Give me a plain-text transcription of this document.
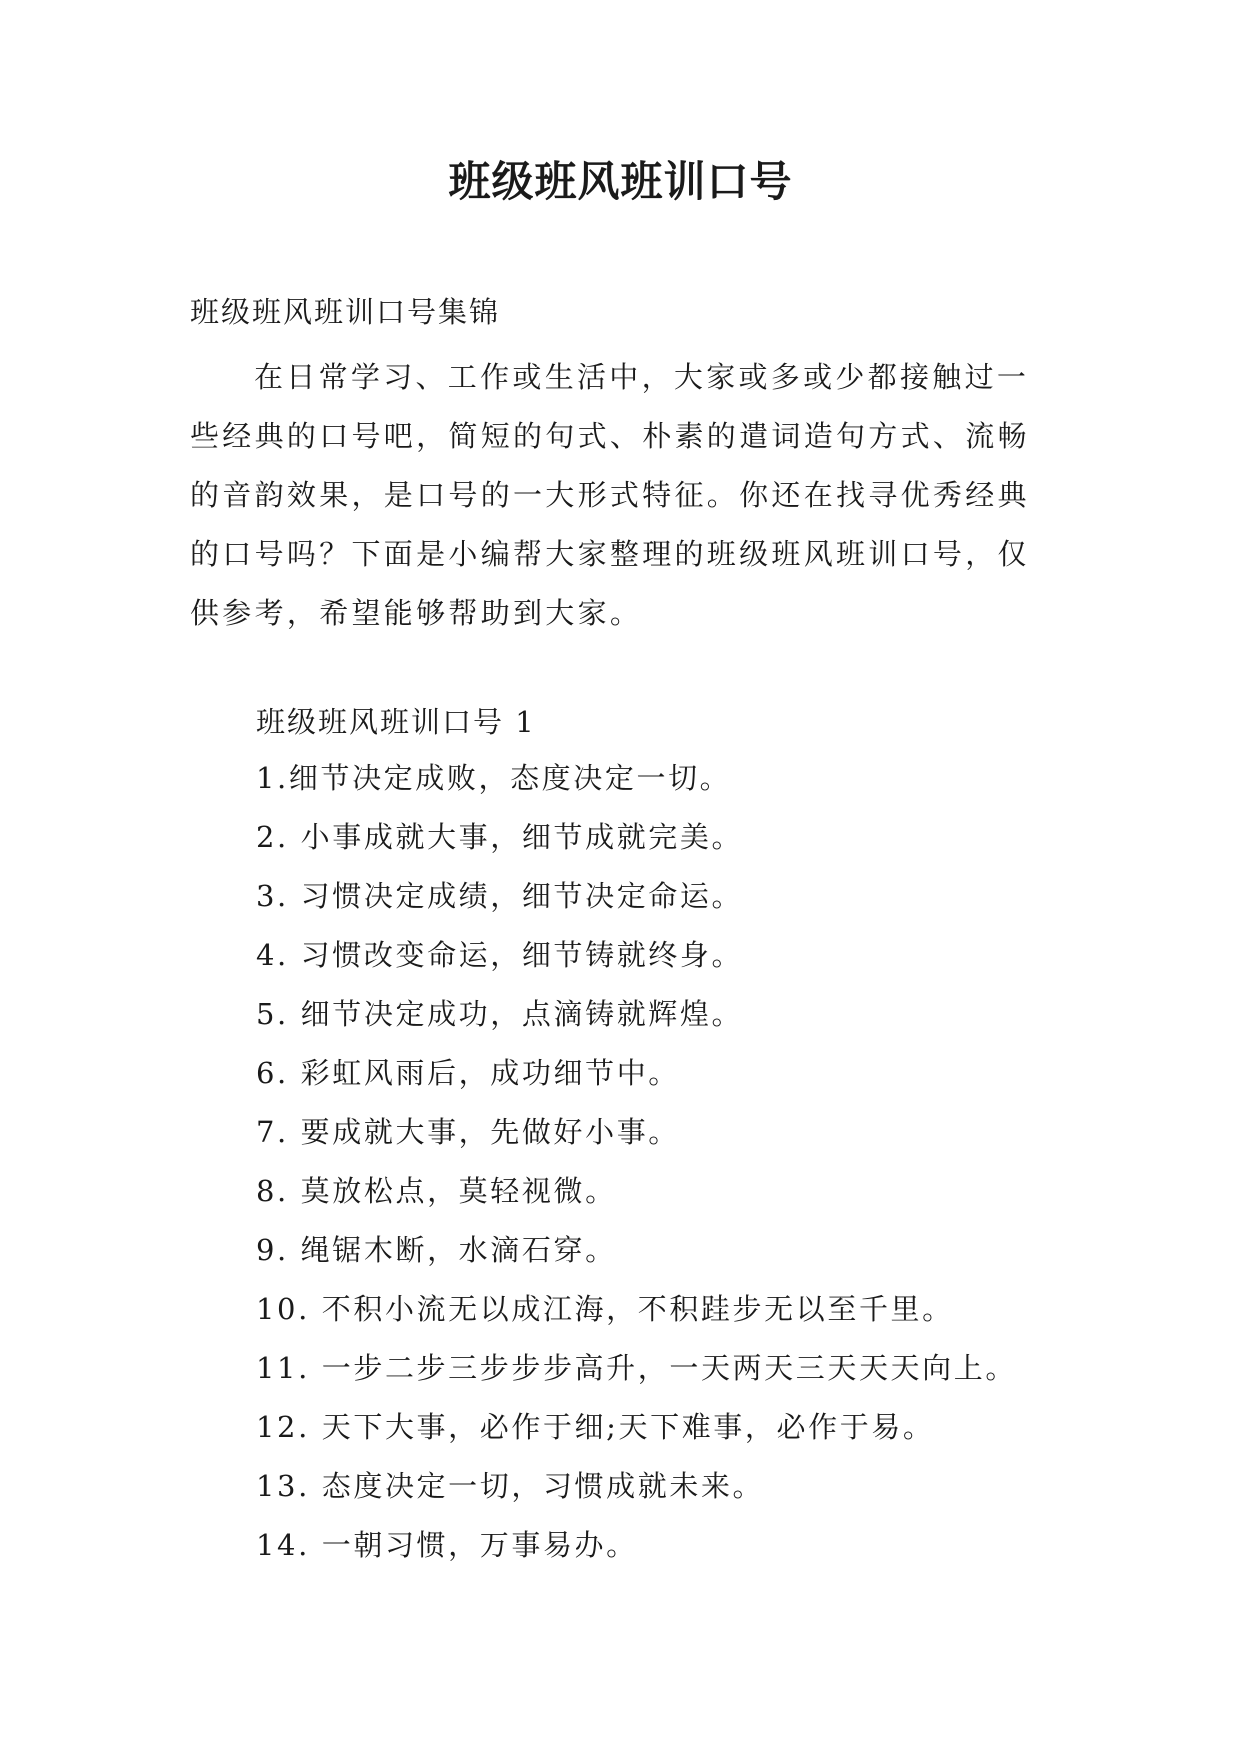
班级班风班训口号
班级班风班训口号集锦

在日常学习、工作或生活中，大家或多或少都接触过一些经典的口号吧，简短的句式、朴素的遣词造句方式、流畅的音韵效果，是口号的一大形式特征。你还在找寻优秀经典的口号吗？下面是小编帮大家整理的班级班风班训口号，仅供参考，希望能够帮助到大家。

班级班风班训口号 1
1.细节决定成败，态度决定一切。
2. 小事成就大事，细节成就完美。
3. 习惯决定成绩，细节决定命运。
4. 习惯改变命运，细节铸就终身。
5. 细节决定成功，点滴铸就辉煌。
6. 彩虹风雨后，成功细节中。
7. 要成就大事，先做好小事。
8. 莫放松点，莫轻视微。
9. 绳锯木断，水滴石穿。
10. 不积小流无以成江海，不积跬步无以至千里。
11. 一步二步三步步步高升，一天两天三天天天向上。
12. 天下大事，必作于细;天下难事，必作于易。
13. 态度决定一切，习惯成就未来。
14. 一朝习惯，万事易办。
